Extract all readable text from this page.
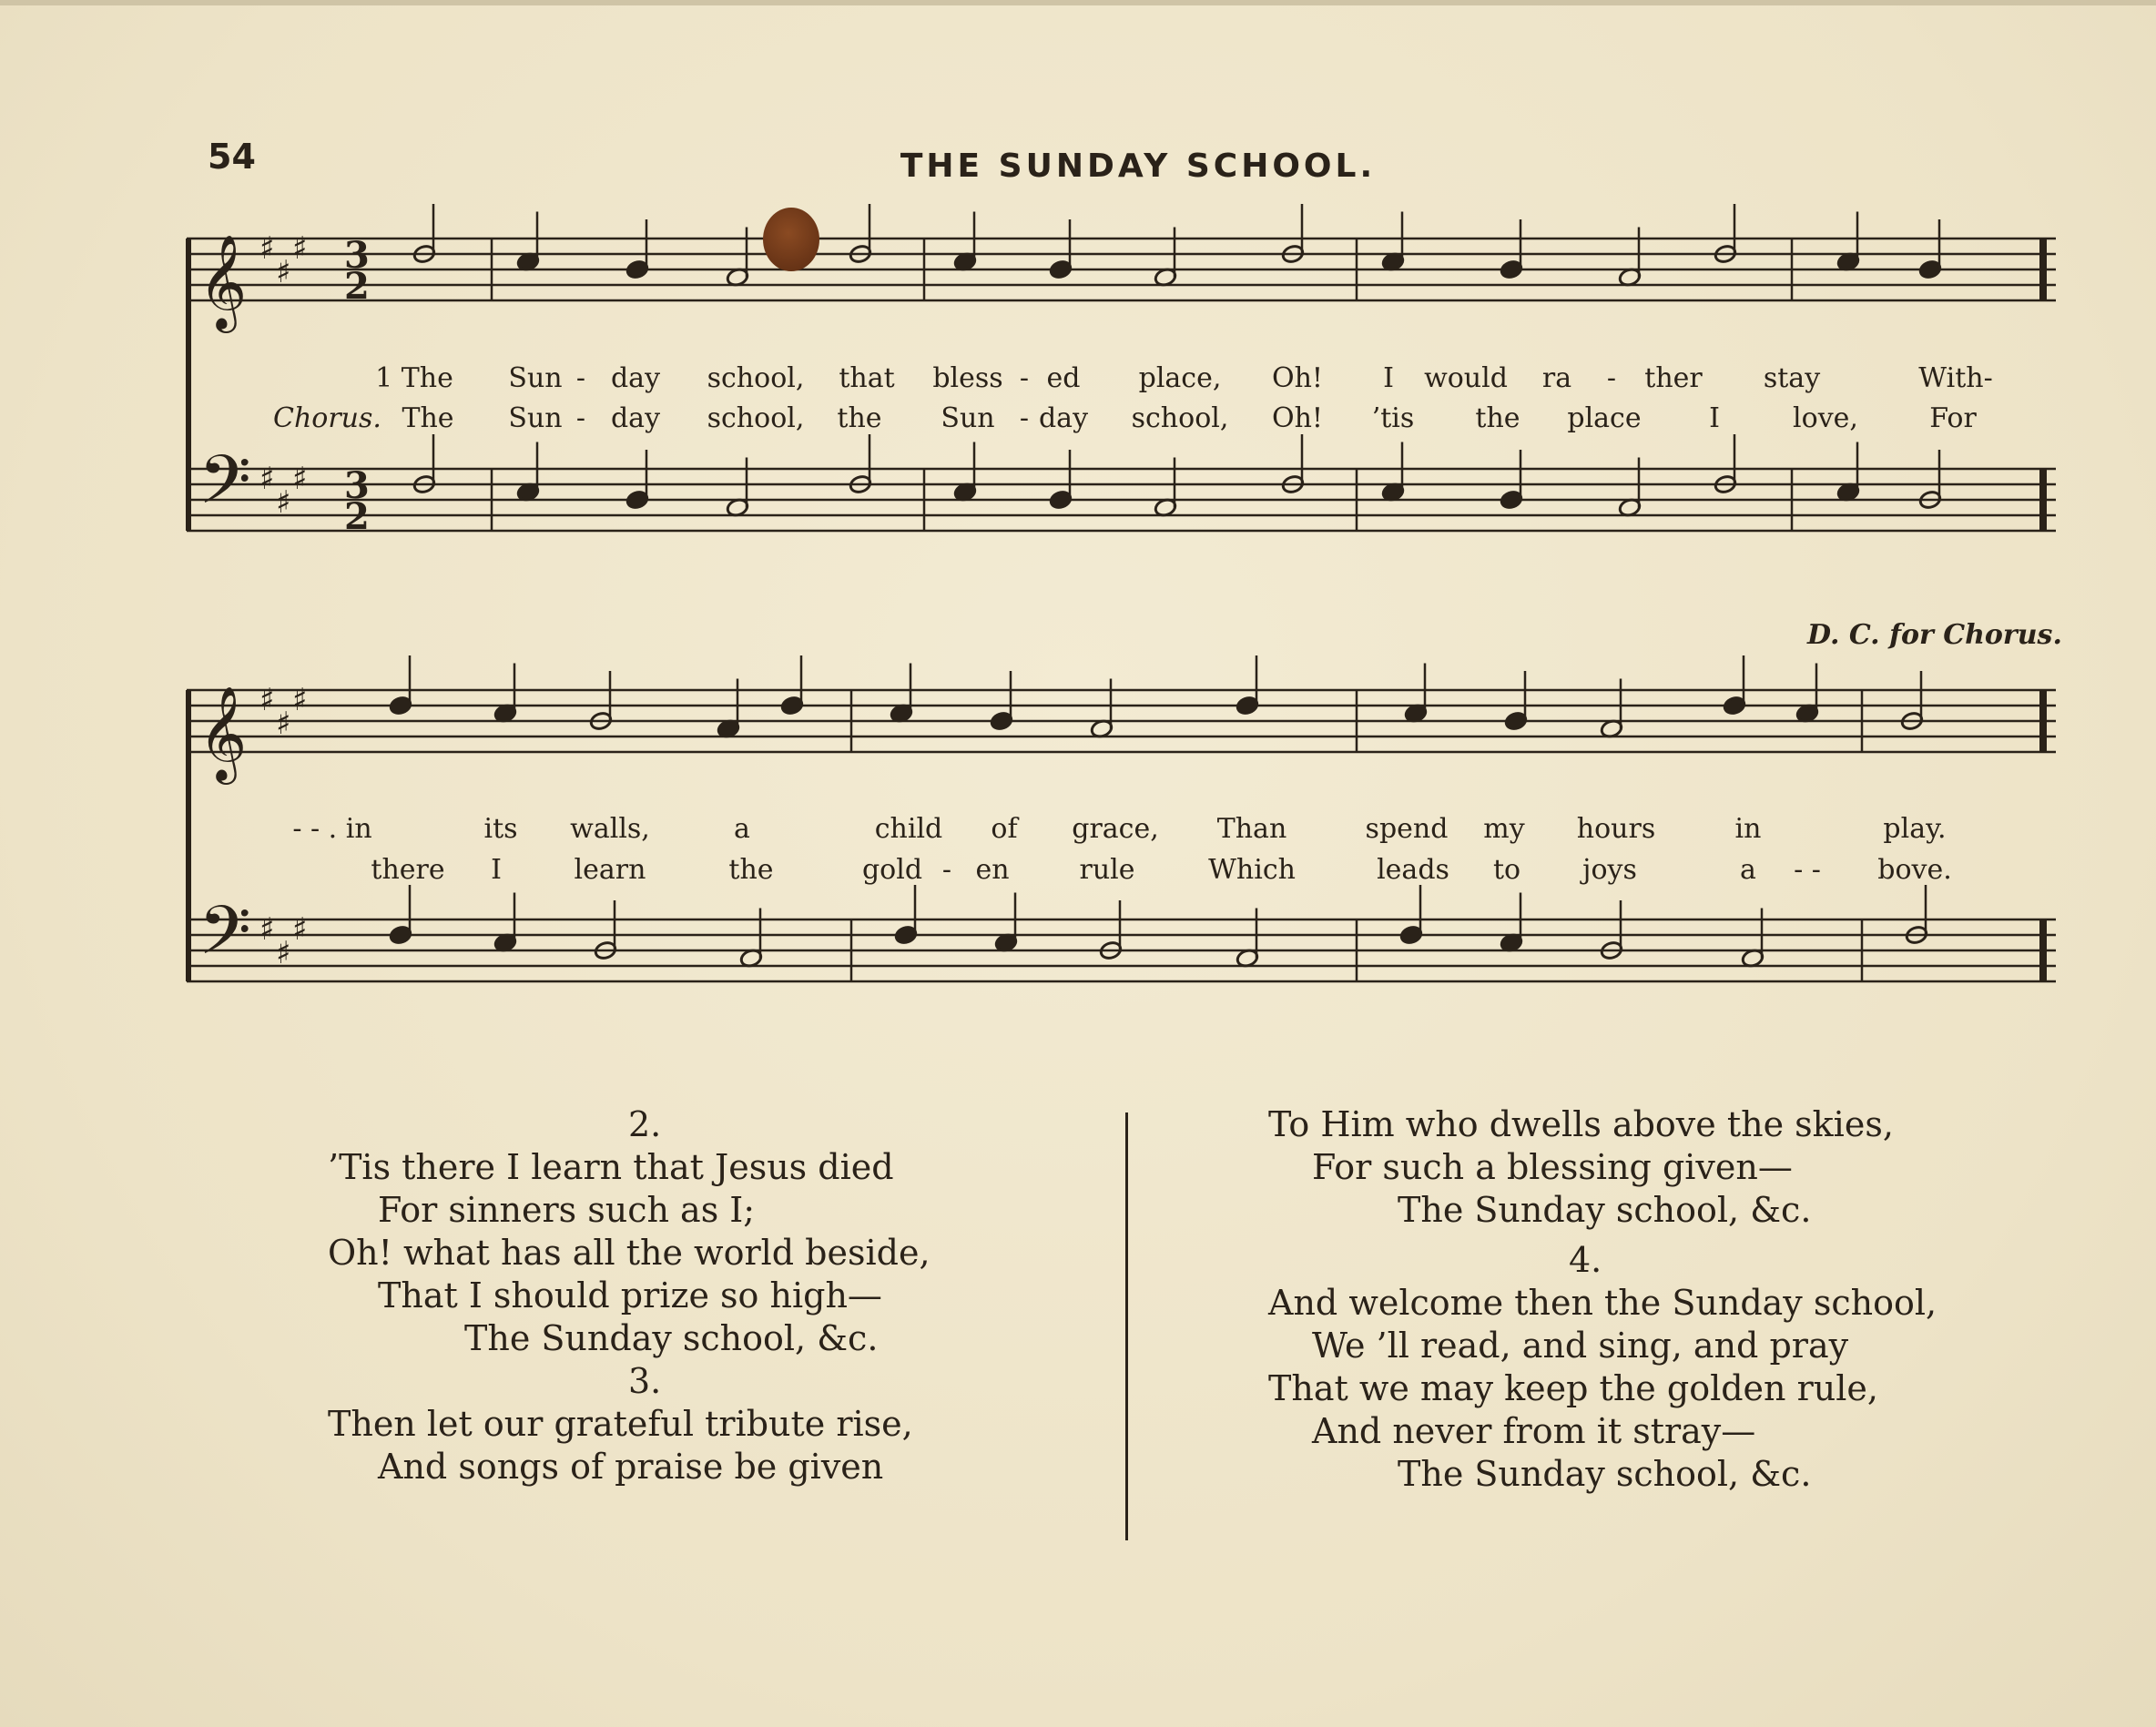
54	THE SUNDAY SCHOOL.
𝄞 ♯
♯
♯ 3
2
𝄢 ♯
♯
♯ 3
2
𝄞 ♯
♯
♯
𝄢 ♯
♯
♯
D. C. for Chorus.
1 The Sun - day school, that bless - ed place, Oh! I would ra - ther stay	With-
Chorus. The Sun - day school, the Sun - day school, Oh! ’tis the place I	love,	For
- - . in	its walls,	a	child of grace, Than	spend my hours	in	play.
there I	learn	the	gold - en	rule	Which	leads to joys	a - - bove.
2.
’Tis there I learn that Jesus died
For sinners such as I;
Oh! what has all the world beside,
That I should prize so high—
The Sunday school, &c.
3.
Then let our grateful tribute rise,
And songs of praise be given
To Him who dwells above the skies,
For such a blessing given—
The Sunday school, &c.
4.
And welcome then the Sunday school,
We ’ll read, and sing, and pray
That we may keep the golden rule,
And never from it stray—
The Sunday school, &c.
